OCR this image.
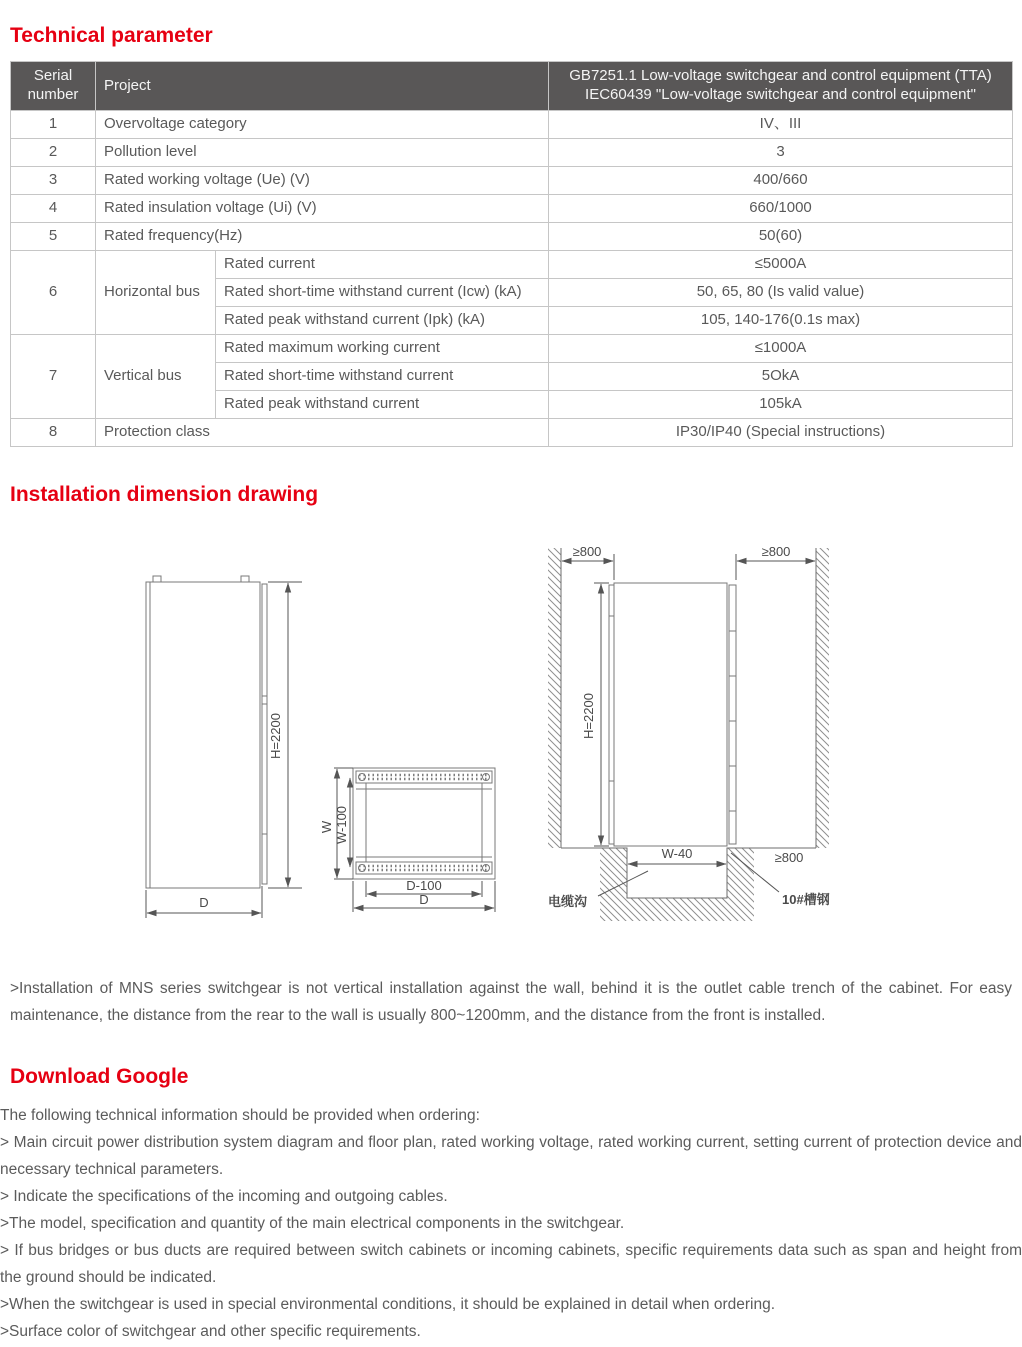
Technical parameter
Serial number	Project		GB7251.1 Low-voltage switchgear and control equipment (TTA)
IEC60439 "Low-voltage switchgear and control equipment"

1	Overvoltage category		IV、III
2	Pollution level		3
3	Rated working voltage (Ue) (V)		400/660
4	Rated insulation voltage (Ui) (V)		660/1000
5	Rated frequency(Hz)		50(60)
6	Horizontal bus	Rated current	≤5000A
		Rated short-time withstand current (Icw) (kA)	50, 65, 80 (Is valid value)
		Rated peak withstand current (Ipk) (kA)	105, 140-176(0.1s max)
7	Vertical bus	Rated maximum working current	≤1000A
		Rated short-time withstand current	5OkA
		Rated peak withstand current	105kA
8	Protection class		IP30/IP40 (Special instructions)
Installation dimension drawing
H=2200
D
W W-100
D-100
D
≥800	≥800
H=2200
W-40	≥800
电缆沟	10#槽钢

>Installation of MNS series switchgear is not vertical installation against the wall, behind it is the outlet cable trench of the cabinet. For easy maintenance, the distance from the rear to the wall is usually 800~1200mm, and the distance from the front is installed.

Download Google

The following technical information should be provided when ordering:

> Main circuit power distribution system diagram and floor plan, rated working voltage, rated working current, setting current of protection device and necessary technical parameters.

> Indicate the specifications of the incoming and outgoing cables.

>The model, specification and quantity of the main electrical components in the switchgear.

> If bus bridges or bus ducts are required between switch cabinets or incoming cabinets, specific requirements data such as span and height from the ground should be indicated.

>When the switchgear is used in special environmental conditions, it should be explained in detail when ordering.

>Surface color of switchgear and other specific requirements.
